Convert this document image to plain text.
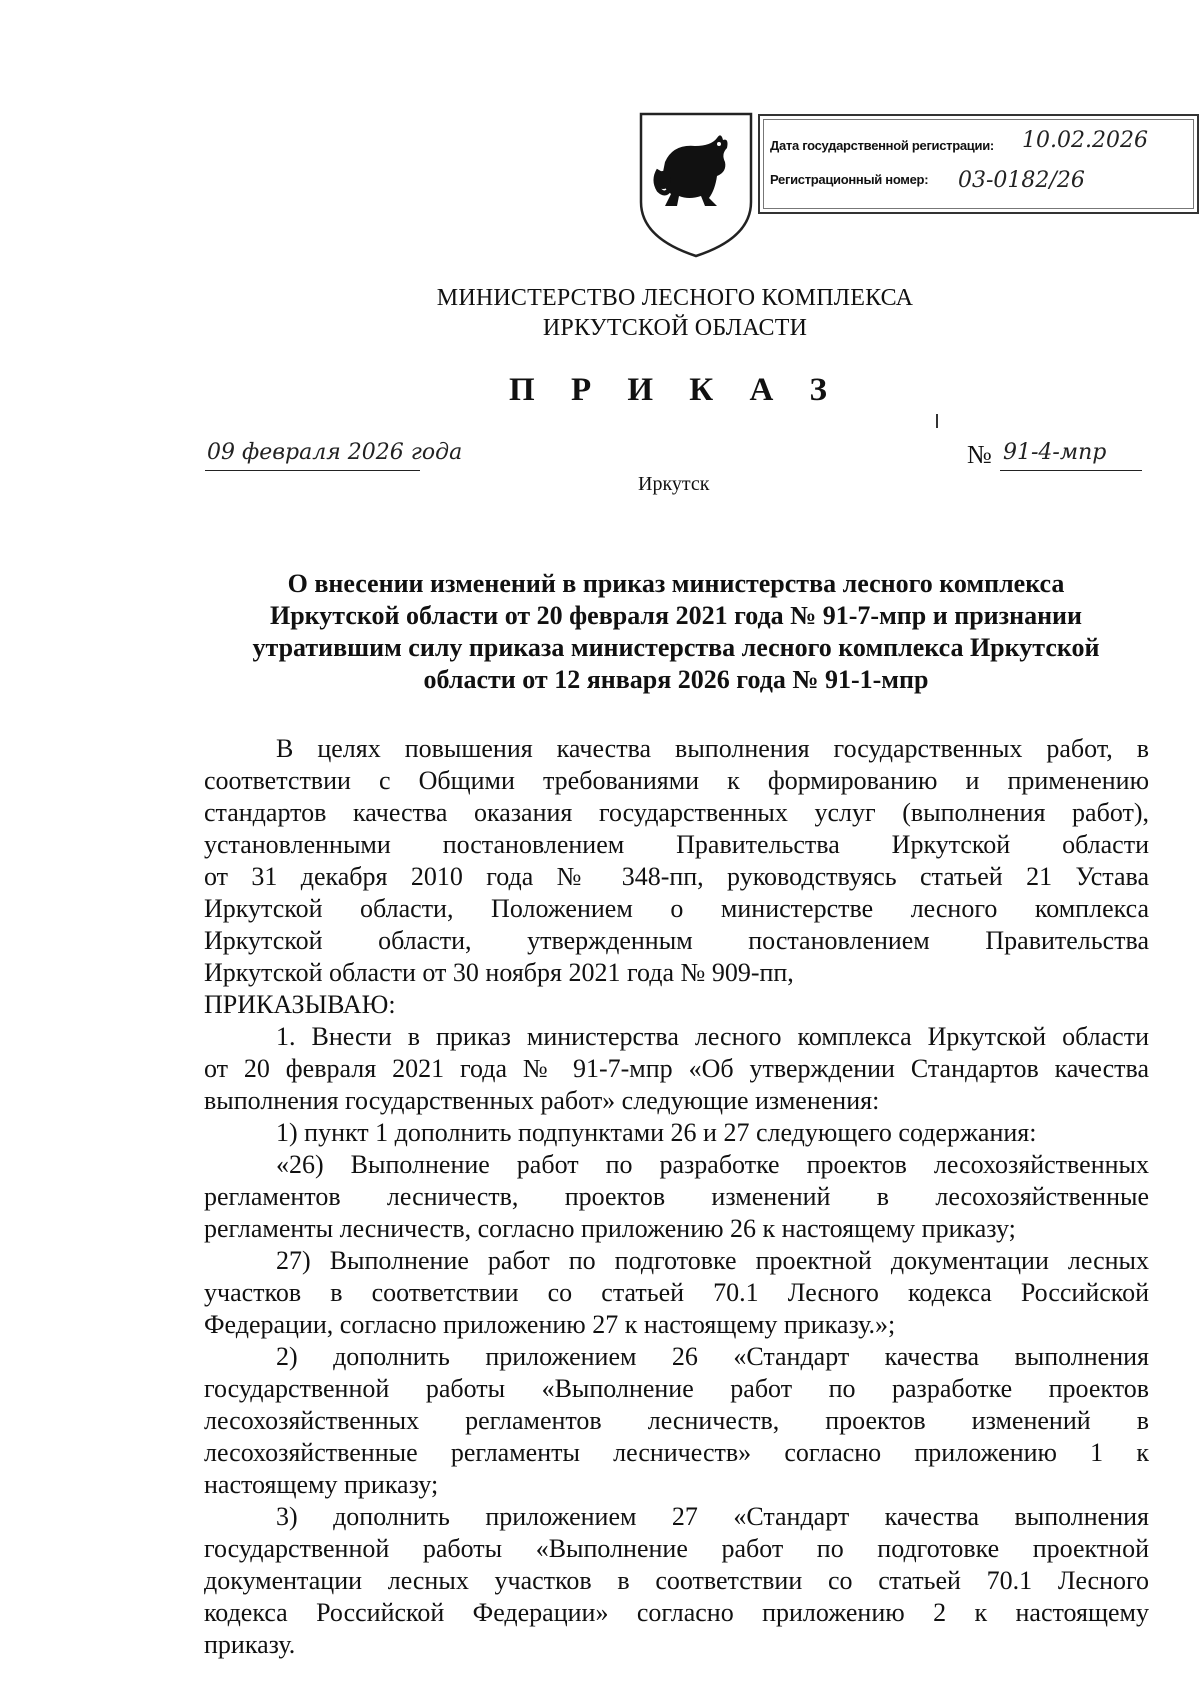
Дата государственной регистрации: 10.02.2026
Регистрационный номер: 03-0182/26
МИНИСТЕРСТВО ЛЕСНОГО КОМПЛЕКСА
ИРКУТСКОЙ ОБЛАСТИ
П Р И К А З
09 февраля 2026 года	№ 91-4-мпр
Иркутск
О внесении изменений в приказ министерства лесного комплекса
Иркутской области от 20 февраля 2021 года № 91-7-мпр и признании
утратившим силу приказа министерства лесного комплекса Иркутской
области от 12 января 2026 года № 91-1-мпр
В целях повышения качества выполнения государственных работ, в
соответствии с Общими требованиями к формированию и применению
стандартов качества оказания государственных услуг (выполнения работ),
установленными постановлением Правительства Иркутской области
от 31 декабря 2010 года № 348-пп, руководствуясь статьей 21 Устава
Иркутской области, Положением о министерстве лесного комплекса
Иркутской области, утвержденным постановлением Правительства
Иркутской области от 30 ноября 2021 года № 909-пп,
ПРИКАЗЫВАЮ:
1. Внести в приказ министерства лесного комплекса Иркутской области
от 20 февраля 2021 года № 91-7-мпр «Об утверждении Стандартов качества
выполнения государственных работ» следующие изменения:
1) пункт 1 дополнить подпунктами 26 и 27 следующего содержания:
«26) Выполнение работ по разработке проектов лесохозяйственных
регламентов лесничеств, проектов изменений в лесохозяйственные
регламенты лесничеств, согласно приложению 26 к настоящему приказу;
27) Выполнение работ по подготовке проектной документации лесных
участков в соответствии со статьей 70.1 Лесного кодекса Российской
Федерации, согласно приложению 27 к настоящему приказу.»;
2) дополнить приложением 26 «Стандарт качества выполнения
государственной работы «Выполнение работ по разработке проектов
лесохозяйственных регламентов лесничеств, проектов изменений в
лесохозяйственные регламенты лесничеств» согласно приложению 1 к
настоящему приказу;
3) дополнить приложением 27 «Стандарт качества выполнения
государственной работы «Выполнение работ по подготовке проектной
документации лесных участков в соответствии со статьей 70.1 Лесного
кодекса Российской Федерации» согласно приложению 2 к настоящему
приказу.
